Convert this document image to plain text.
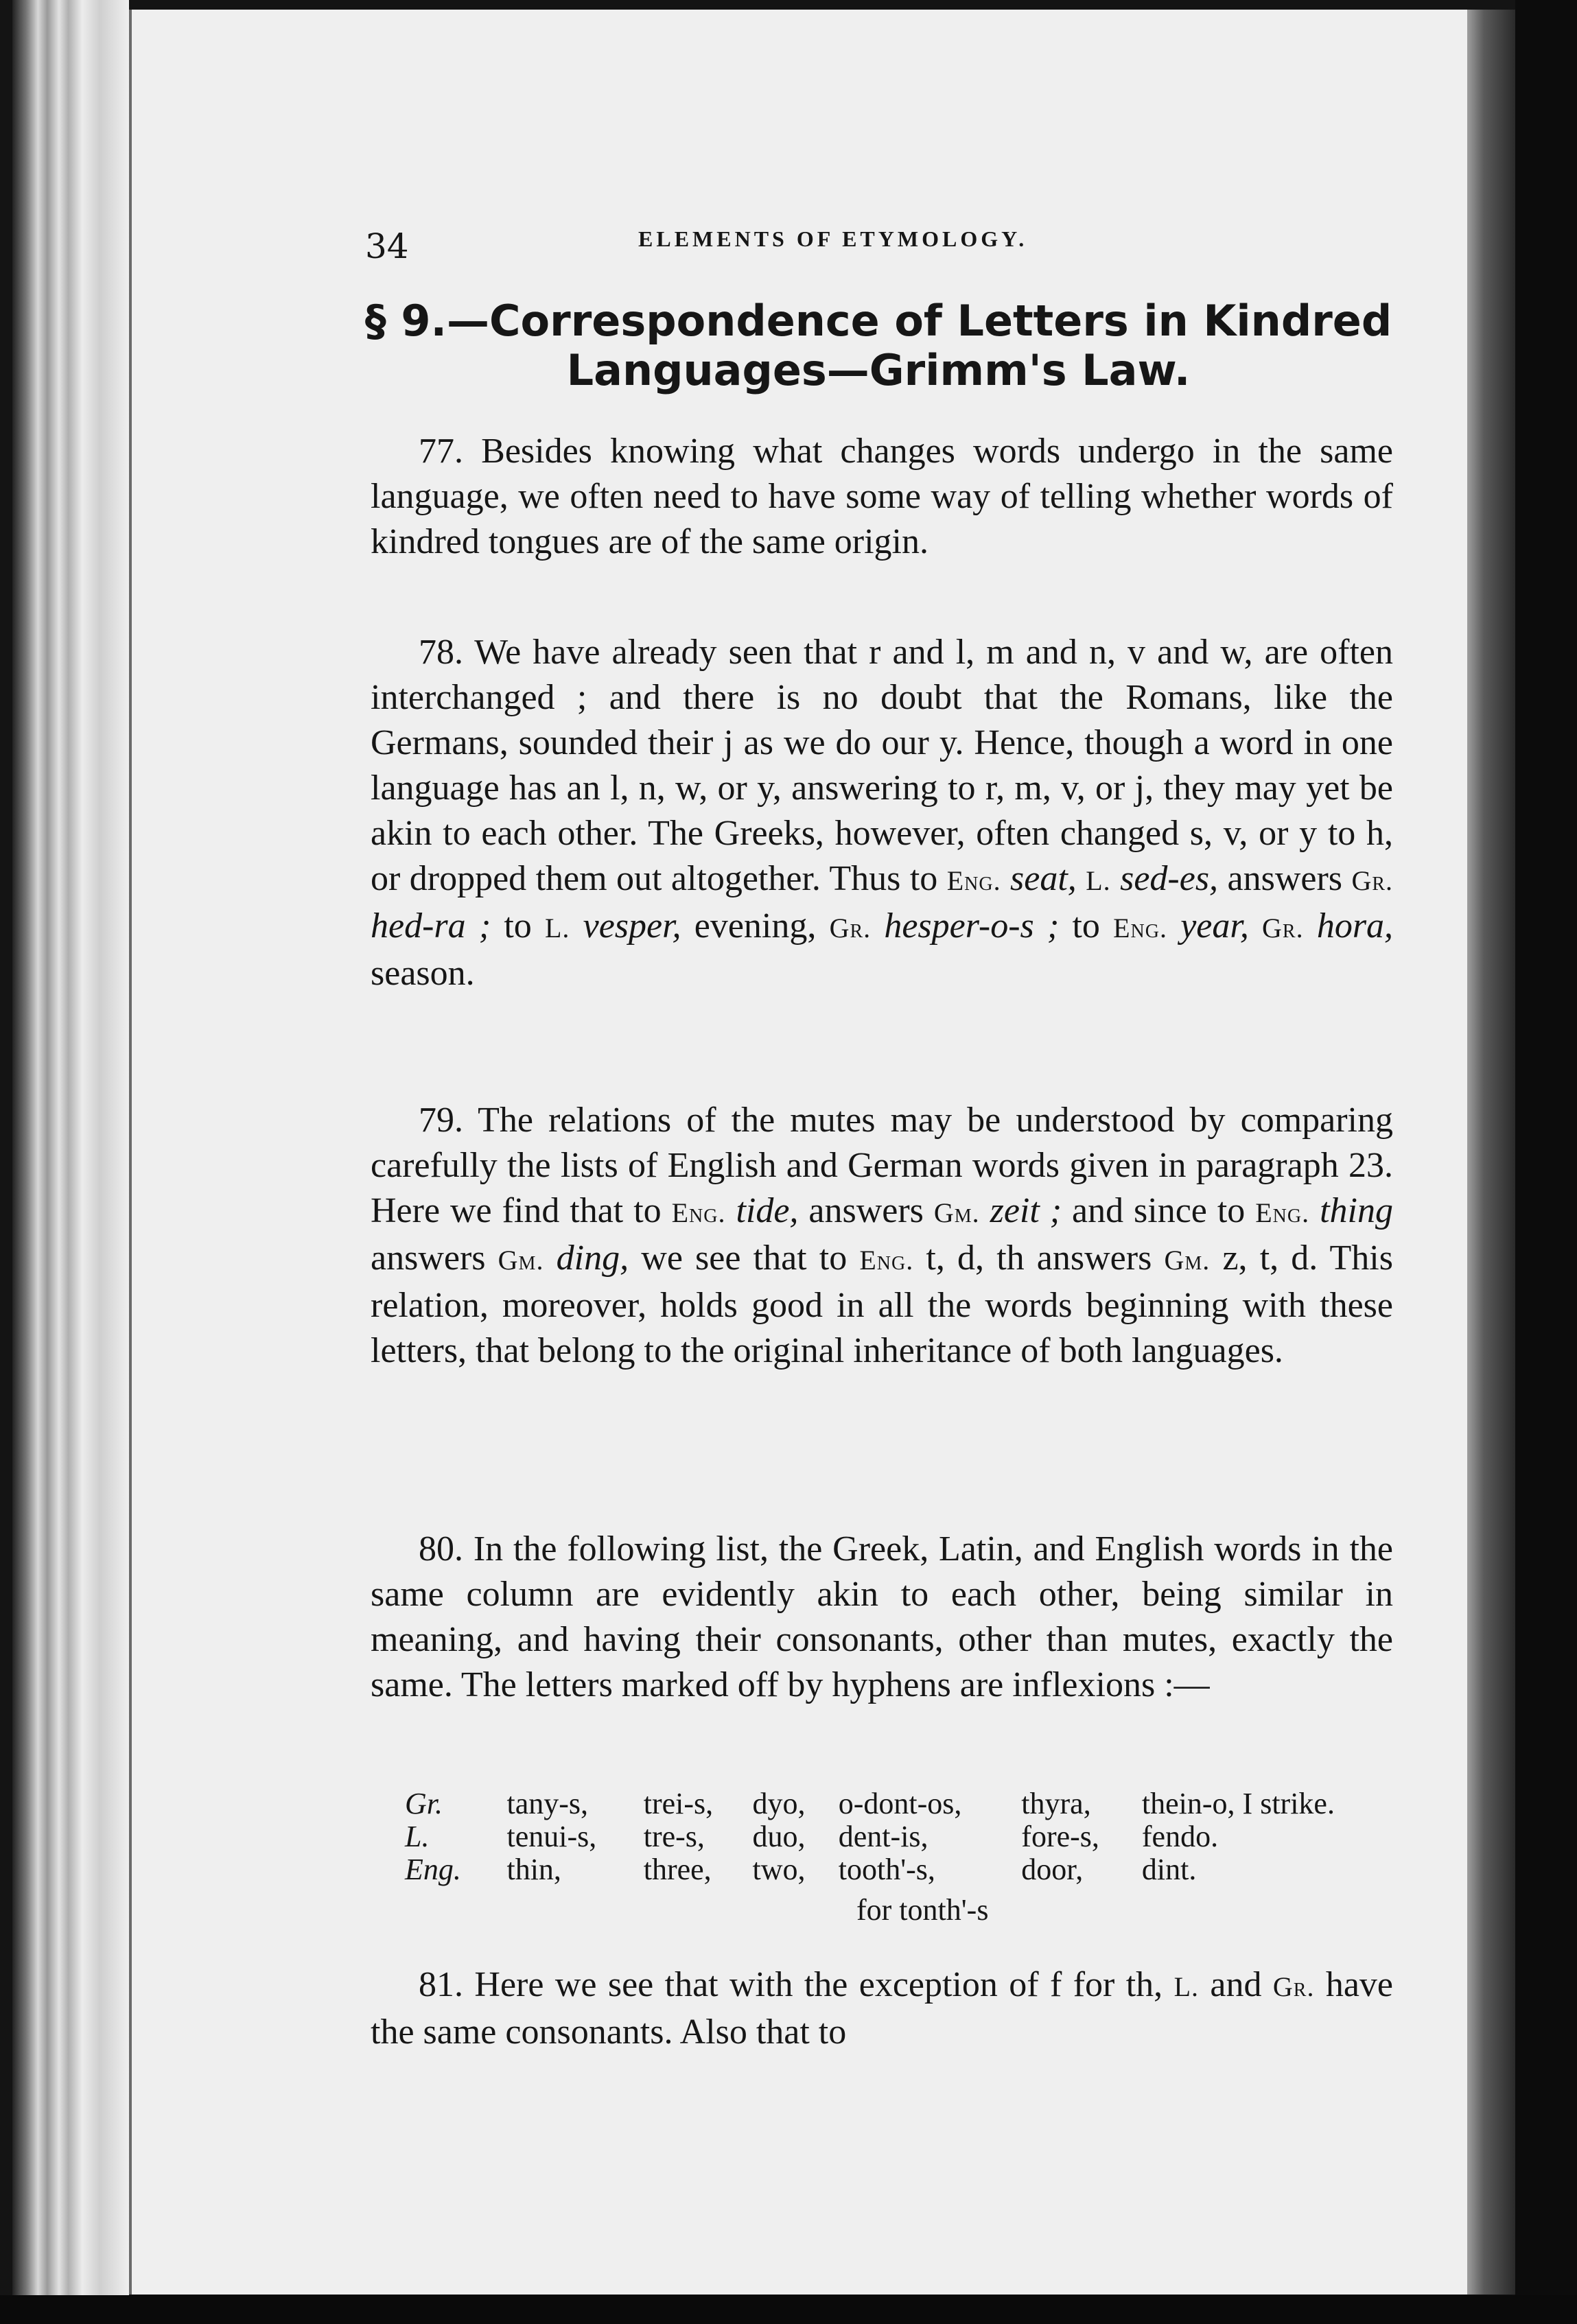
34	ELEMENTS OF ETYMOLOGY.
§ 9.—Correspondence of Letters in Kindred
Languages—Grimm's Law.
77. Besides knowing what changes words undergo in the same language, we often need to have some way of telling whether words of kindred tongues are of the same origin.
78. We have already seen that r and l, m and n, v and w, are often interchanged ; and there is no doubt that the Romans, like the Germans, sounded their j as we do our y. Hence, though a word in one language has an l, n, w, or y, answering to r, m, v, or j, they may yet be akin to each other. The Greeks, however, often changed s, v, or y to h, or dropped them out altogether. Thus to Eng. seat, L. sed-es, answers Gr. hed-ra ; to L. vesper, evening, Gr. hesper-o-s ; to Eng. year, Gr. hora, season.
79. The relations of the mutes may be understood by comparing carefully the lists of English and German words given in paragraph 23. Here we find that to Eng. tide, answers Gm. zeit ; and since to Eng. thing answers Gm. ding, we see that to Eng. t, d, th answers Gm. z, t, d. This relation, moreover, holds good in all the words beginning with these letters, that belong to the original inheritance of both languages.
80. In the following list, the Greek, Latin, and English words in the same column are evidently akin to each other, being similar in meaning, and having their consonants, other than mutes, exactly the same. The letters marked off by hyphens are inflexions :—
Gr.	tany-s,	trei-s,	dyo,	o-dont-os,	thyra,	thein-o, I strike.
L.	tenui-s,	tre-s,	duo,	dent-is,	fore-s,	fendo.
Eng.	thin,	three,	two,	tooth'-s,	door,	dint.
for tonth'-s
81. Here we see that with the exception of f for th, L. and Gr. have the same consonants. Also that to
